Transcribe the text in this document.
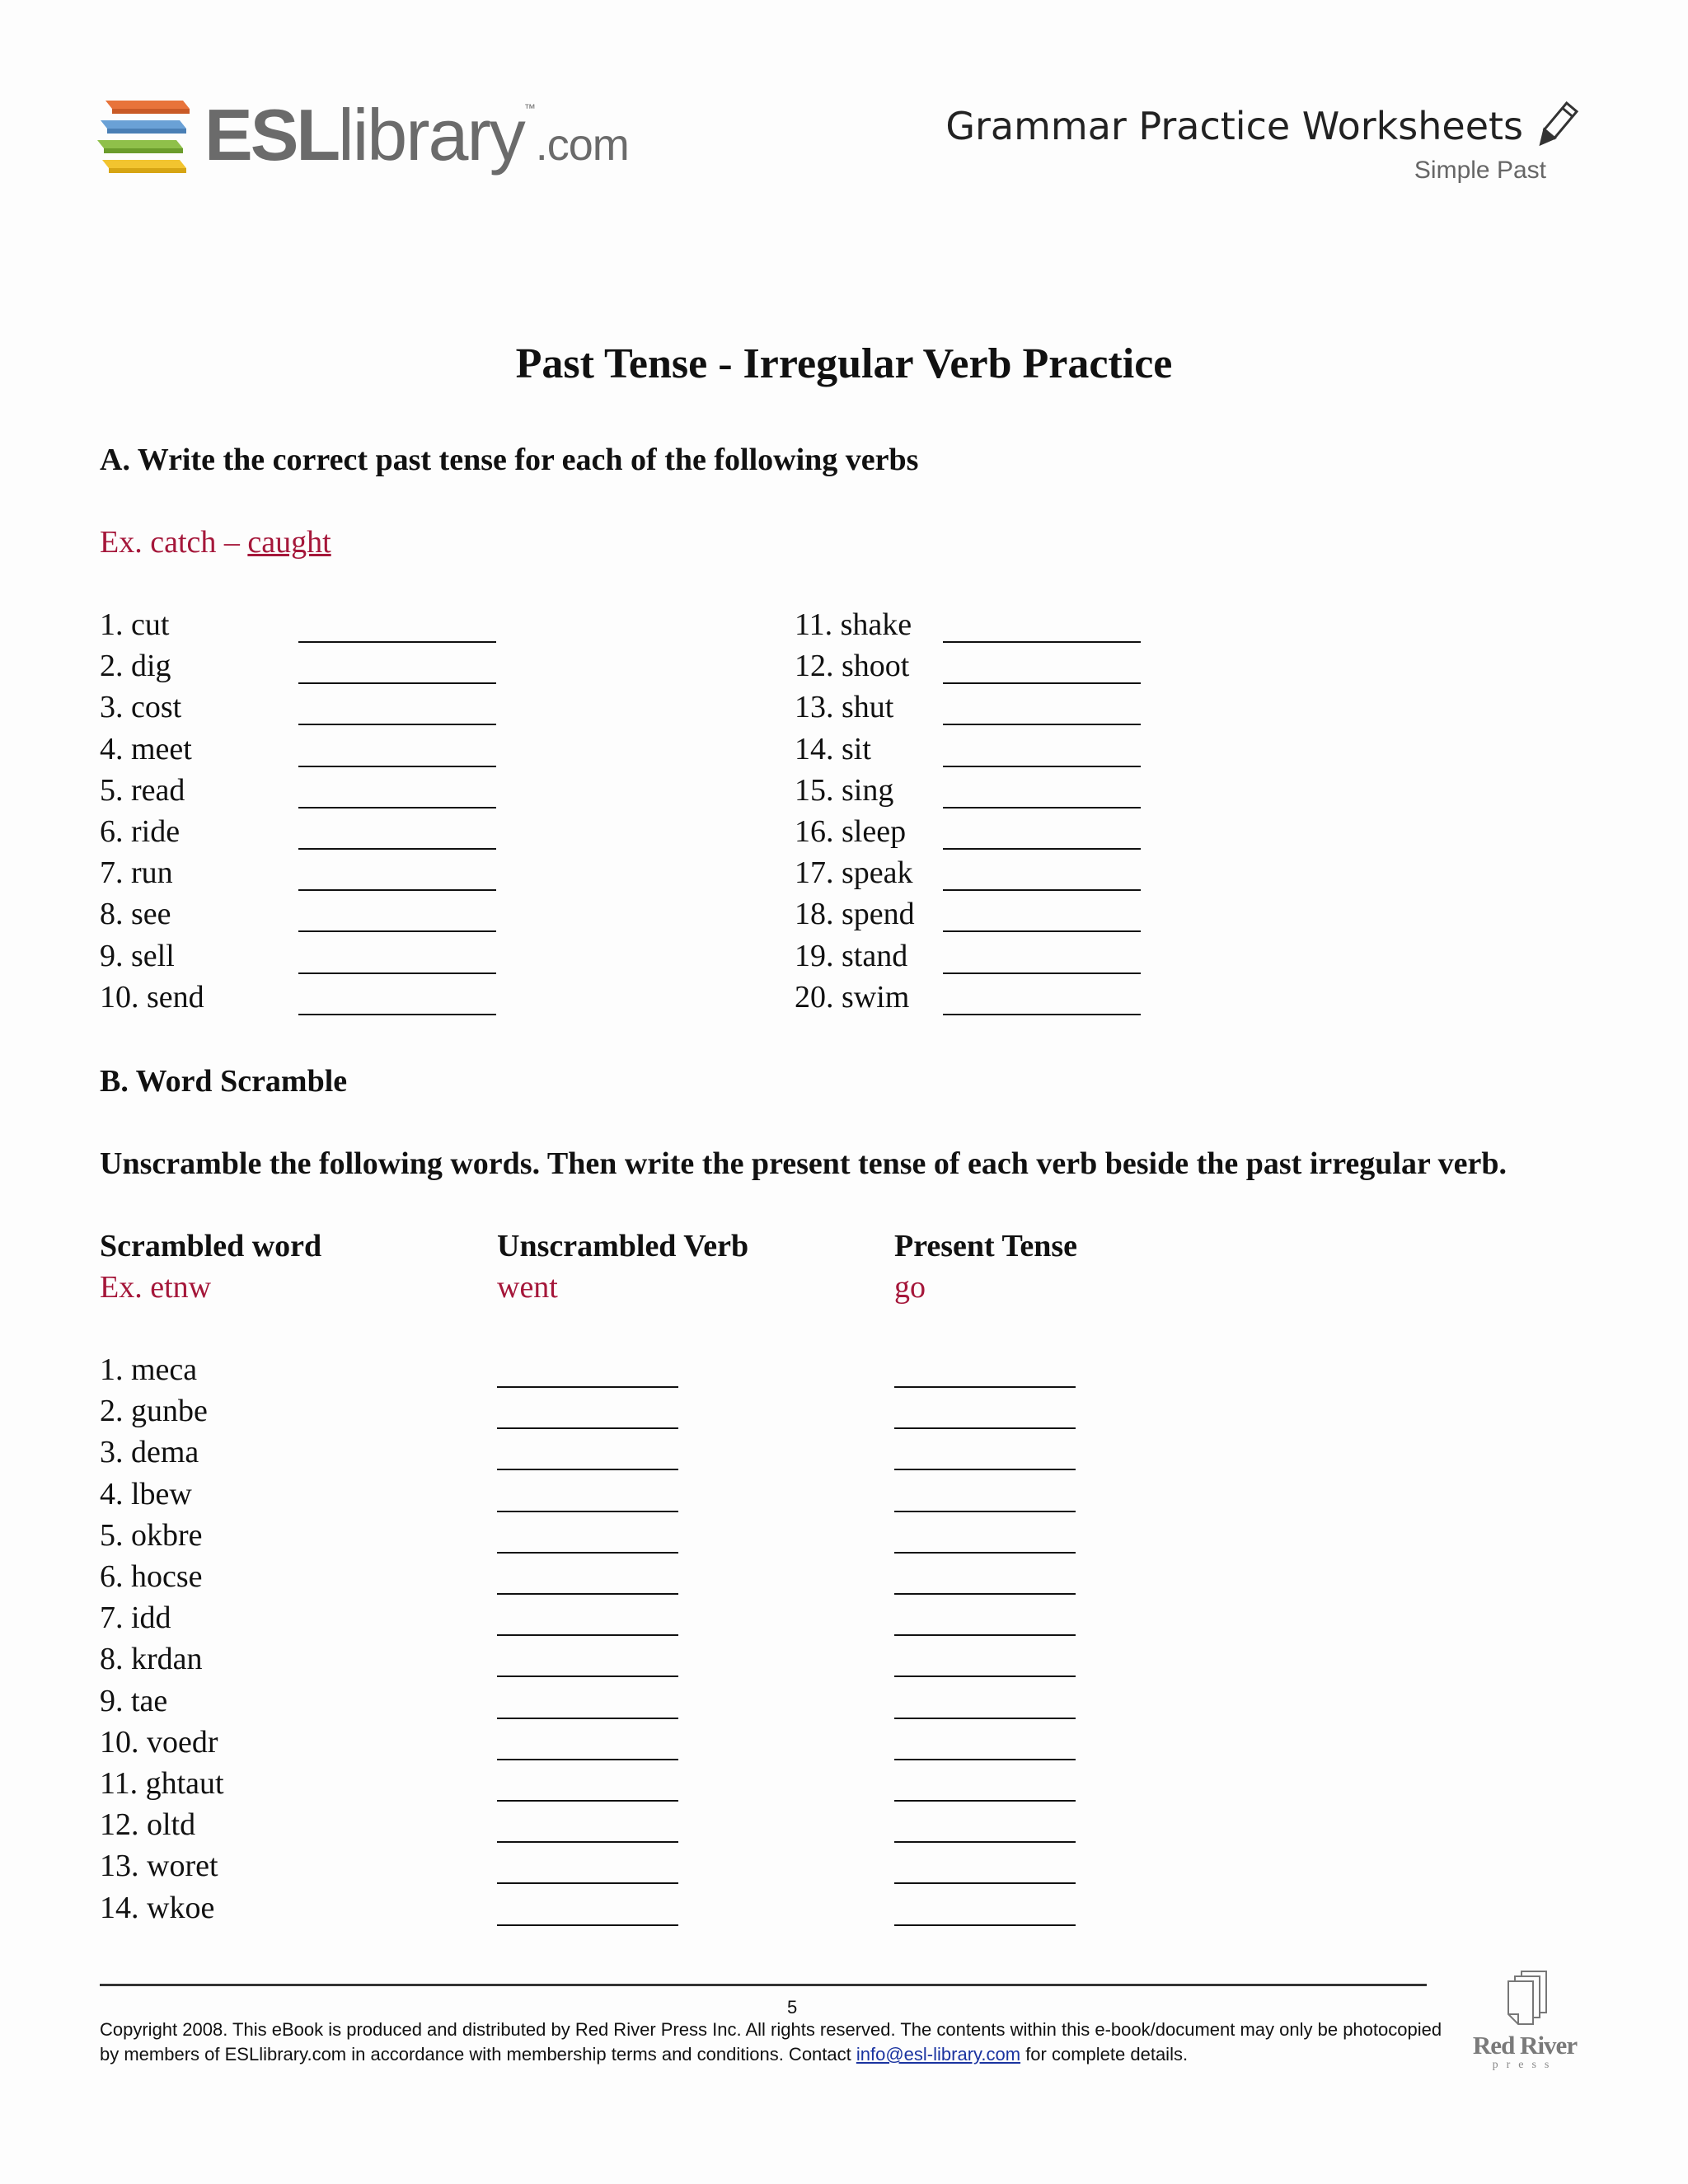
ESLlibrary™.com	Grammar Practice Worksheets
Simple Past
Past Tense - Irregular Verb Practice
A. Write the correct past tense for each of the following verbs
Ex. catch – caught
1. cut
2. dig
3. cost
4. meet
5. read
6. ride
7. run
8. see
9. sell
10. send
11. shake
12. shoot
13. shut
14. sit
15. sing
16. sleep
17. speak
18. spend
19. stand
20. swim
B. Word Scramble
Unscramble the following words. Then write the present tense of each verb beside the past irregular verb.
Scrambled word	Unscrambled Verb	Present Tense
Ex. etnw	went	go
1. meca
2. gunbe
3. dema
4. lbew
5. okbre
6. hocse
7. idd
8. krdan
9. tae
10. voedr
11. ghtaut
12. oltd
13. woret
14. wkoe
5
Copyright 2008. This eBook is produced and distributed by Red River Press Inc. All rights reserved. The contents within this e-book/document may only be photocopied by members of ESLlibrary.com in accordance with membership terms and conditions. Contact info@esl-library.com for complete details.	Red River
press
